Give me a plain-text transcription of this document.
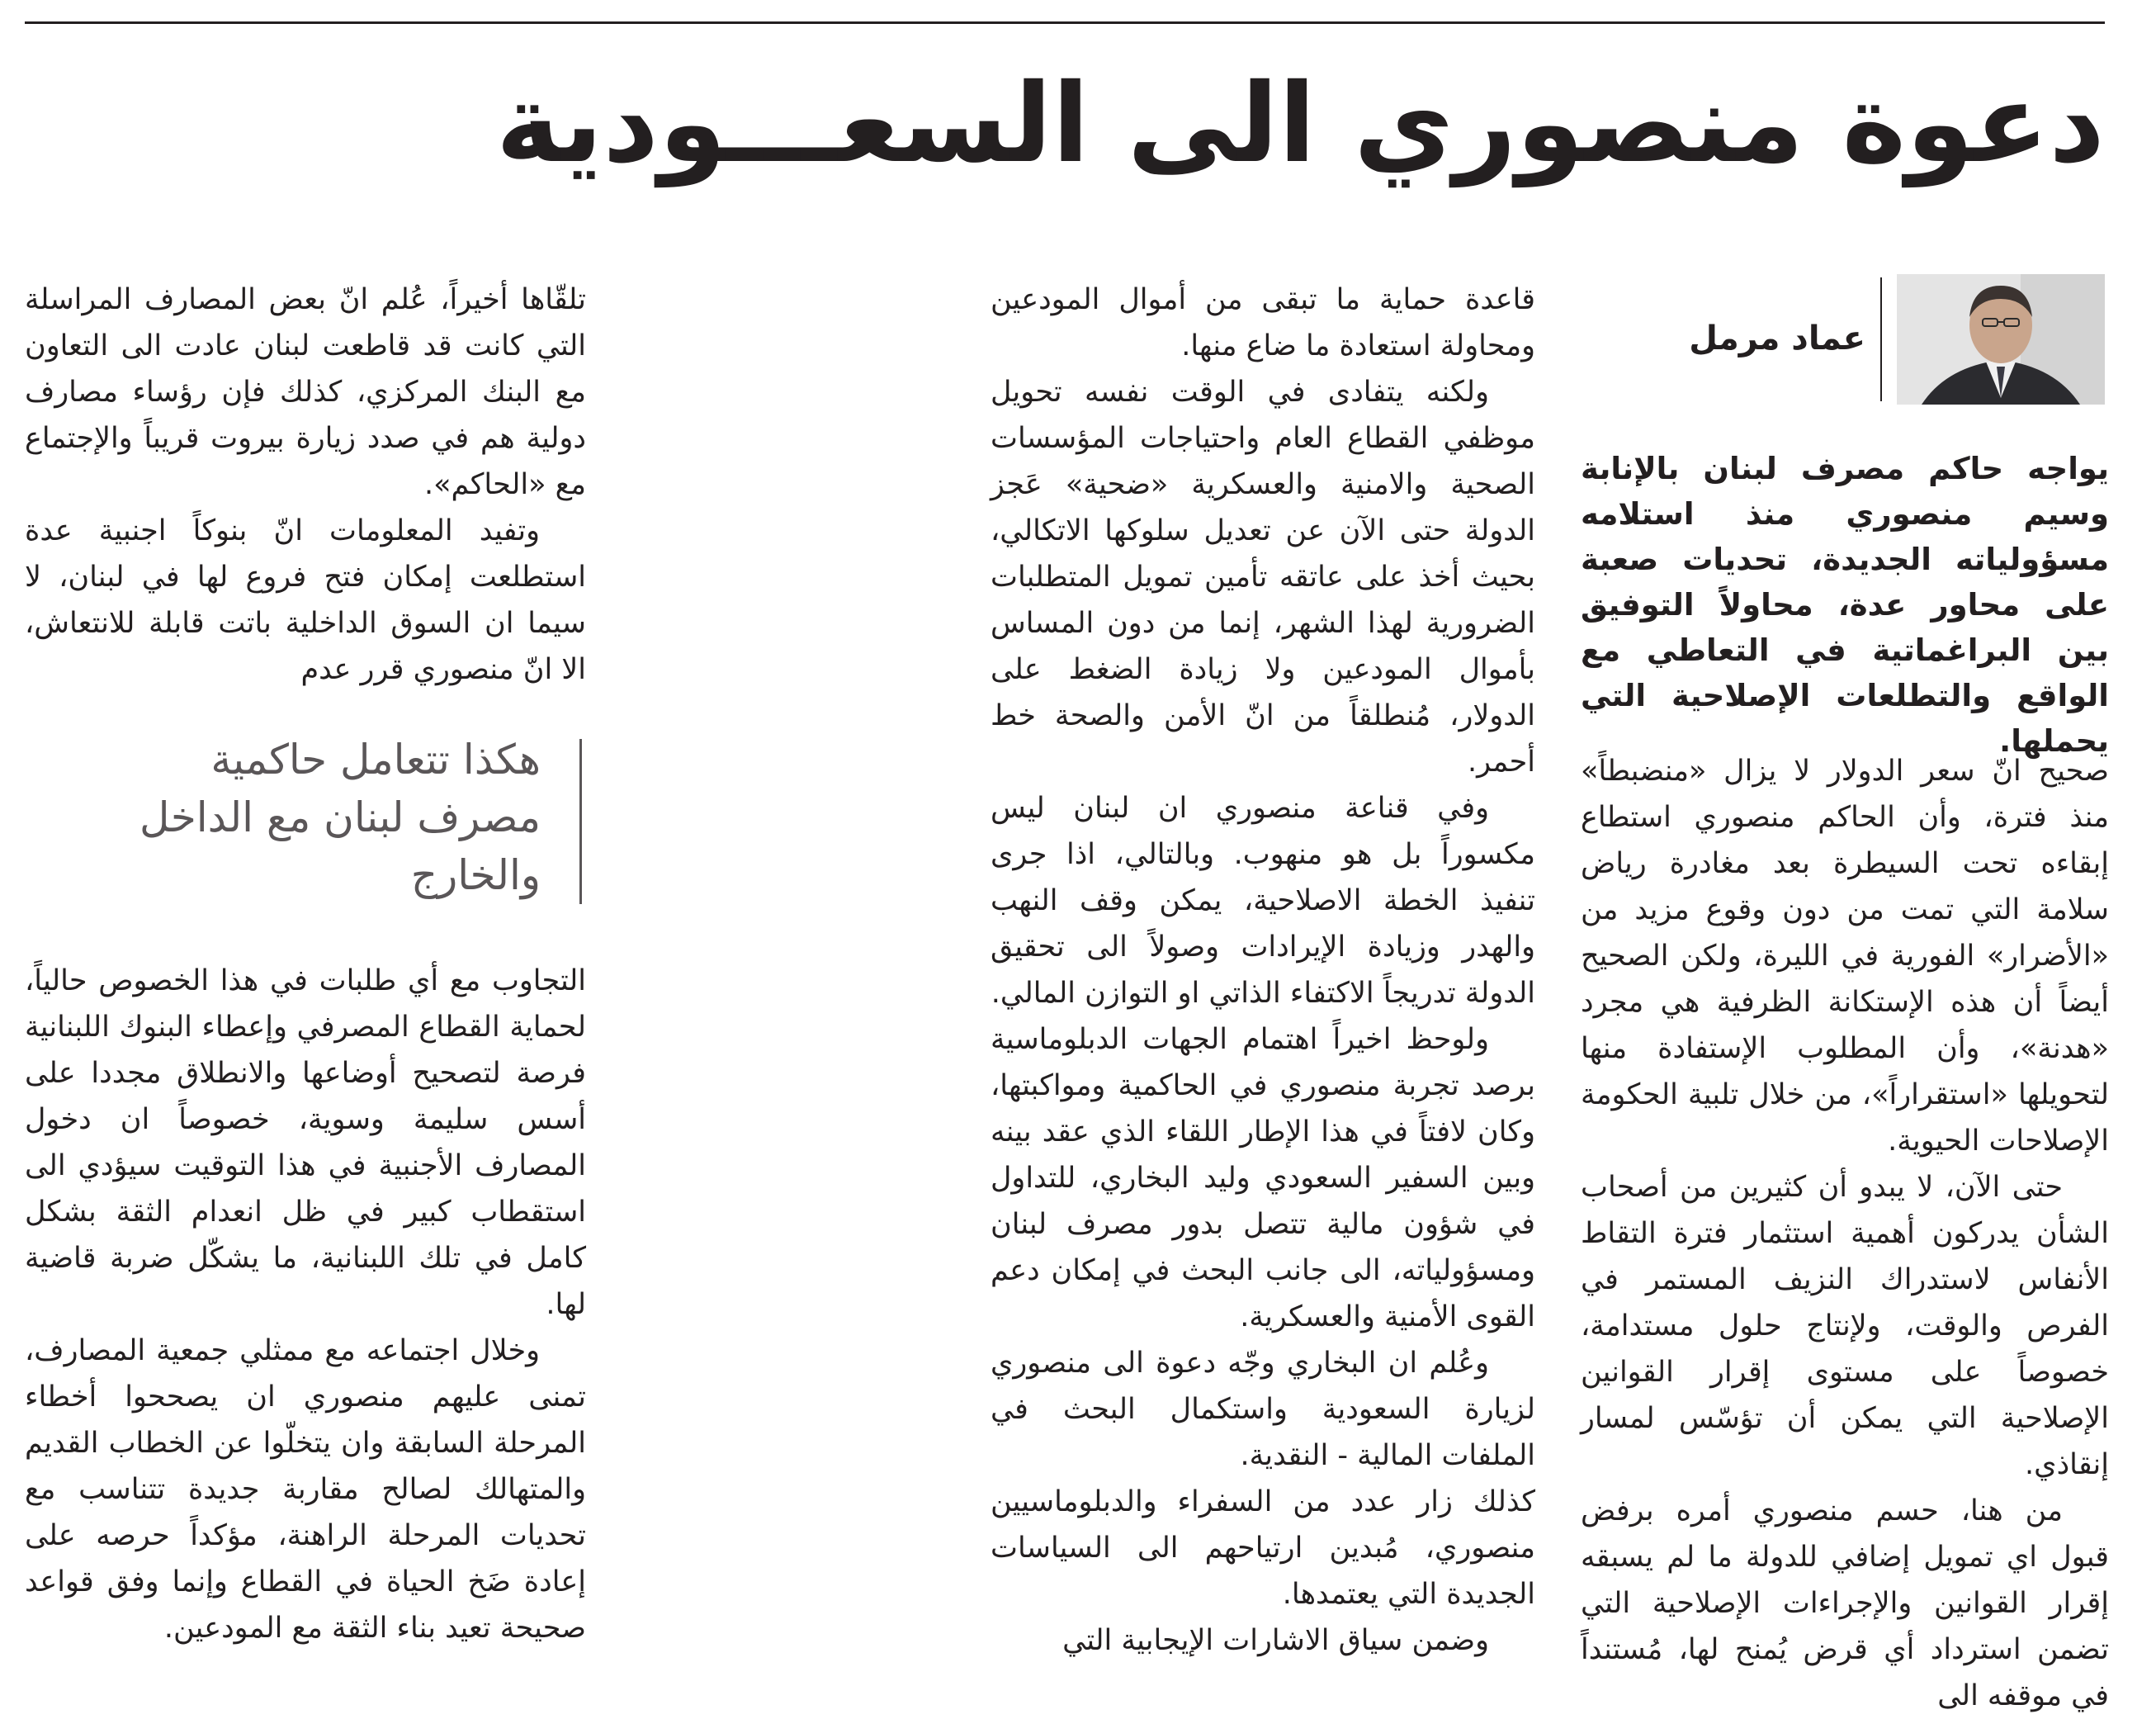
دعوة منصوري الى السعـــودية
عماد مرمل
يواجه حاكم مصرف لبنان بالإنابة وسيم منصوري منذ استلامه مسؤولياته الجديدة، تحديات صعبة على محاور عدة، محاولاً التوفيق بين البراغماتية في التعاطي مع الواقع والتطلعات الإصلاحية التي يحملها.

صحيح انّ سعر الدولار لا يزال «منضبطاً» منذ فترة، وأن الحاكم منصوري استطاع إبقاءه تحت السيطرة بعد مغادرة رياض سلامة التي تمت من دون وقوع مزيد من «الأضرار» الفورية في الليرة، ولكن الصحيح أيضاً أن هذه الإستكانة الظرفية هي مجرد «هدنة»، وأن المطلوب الإستفادة منها لتحويلها «استقراراً»، من خلال تلبية الحكومة الإصلاحات الحيوية.

حتى الآن، لا يبدو أن كثيرين من أصحاب الشأن يدركون أهمية استثمار فترة التقاط الأنفاس لاستدراك النزيف المستمر في الفرص والوقت، ولإنتاج حلول مستدامة، خصوصاً على مستوى إقرار القوانين الإصلاحية التي يمكن أن تؤسّس لمسار إنقاذي.

من هنا، حسم منصوري أمره برفض قبول اي تمويل إضافي للدولة ما لم يسبقه إقرار القوانين والإجراءات الإصلاحية التي تضمن استرداد أي قرض يُمنح لها، مُستنداً في موقفه الى

قاعدة حماية ما تبقى من أموال المودعين ومحاولة استعادة ما ضاع منها.

ولكنه يتفادى في الوقت نفسه تحويل موظفي القطاع العام واحتياجات المؤسسات الصحية والامنية والعسكرية «ضحية» عَجز الدولة حتى الآن عن تعديل سلوكها الاتكالي، بحيث أخذ على عاتقه تأمين تمويل المتطلبات الضرورية لهذا الشهر، إنما من دون المساس بأموال المودعين ولا زيادة الضغط على الدولار، مُنطلقاً من انّ الأمن والصحة خط أحمر.

وفي قناعة منصوري ان لبنان ليس مكسوراً بل هو منهوب. وبالتالي، اذا جرى تنفيذ الخطة الاصلاحية، يمكن وقف النهب والهدر وزيادة الإيرادات وصولاً الى تحقيق الدولة تدريجاً الاكتفاء الذاتي او التوازن المالي.

ولوحظ اخيراً اهتمام الجهات الدبلوماسية برصد تجربة منصوري في الحاكمية ومواكبتها، وكان لافتاً في هذا الإطار اللقاء الذي عقد بينه وبين السفير السعودي وليد البخاري، للتداول في شؤون مالية تتصل بدور مصرف لبنان ومسؤولياته، الى جانب البحث في إمكان دعم القوى الأمنية والعسكرية.

وعُلم ان البخاري وجّه دعوة الى منصوري لزيارة السعودية واستكمال البحث في الملفات المالية - النقدية.

كذلك زار عدد من السفراء والدبلوماسيين منصوري، مُبدين ارتياحهم الى السياسات الجديدة التي يعتمدها.

وضمن سياق الاشارات الإيجابية التي

تلقّاها أخيراً، عُلم انّ بعض المصارف المراسلة التي كانت قد قاطعت لبنان عادت الى التعاون مع البنك المركزي، كذلك فإن رؤساء مصارف دولية هم في صدد زيارة بيروت قريباً والإجتماع مع «الحاكم».

وتفيد المعلومات انّ بنوكاً اجنبية عدة استطلعت إمكان فتح فروع لها في لبنان، لا سيما ان السوق الداخلية باتت قابلة للانتعاش، الا انّ منصوري قرر عدم

هكذا تتعامل حاكمية مصرف لبنان مع الداخل والخارج

التجاوب مع أي طلبات في هذا الخصوص حالياً، لحماية القطاع المصرفي وإعطاء البنوك اللبنانية فرصة لتصحيح أوضاعها والانطلاق مجددا على أسس سليمة وسوية، خصوصاً ان دخول المصارف الأجنبية في هذا التوقيت سيؤدي الى استقطاب كبير في ظل انعدام الثقة بشكل كامل في تلك اللبنانية، ما يشكّل ضربة قاضية لها.

وخلال اجتماعه مع ممثلي جمعية المصارف، تمنى عليهم منصوري ان يصححوا أخطاء المرحلة السابقة وان يتخلّوا عن الخطاب القديم والمتهالك لصالح مقاربة جديدة تتناسب مع تحديات المرحلة الراهنة، مؤكداً حرصه على إعادة ضَخ الحياة في القطاع وإنما وفق قواعد صحيحة تعيد بناء الثقة مع المودعين.
